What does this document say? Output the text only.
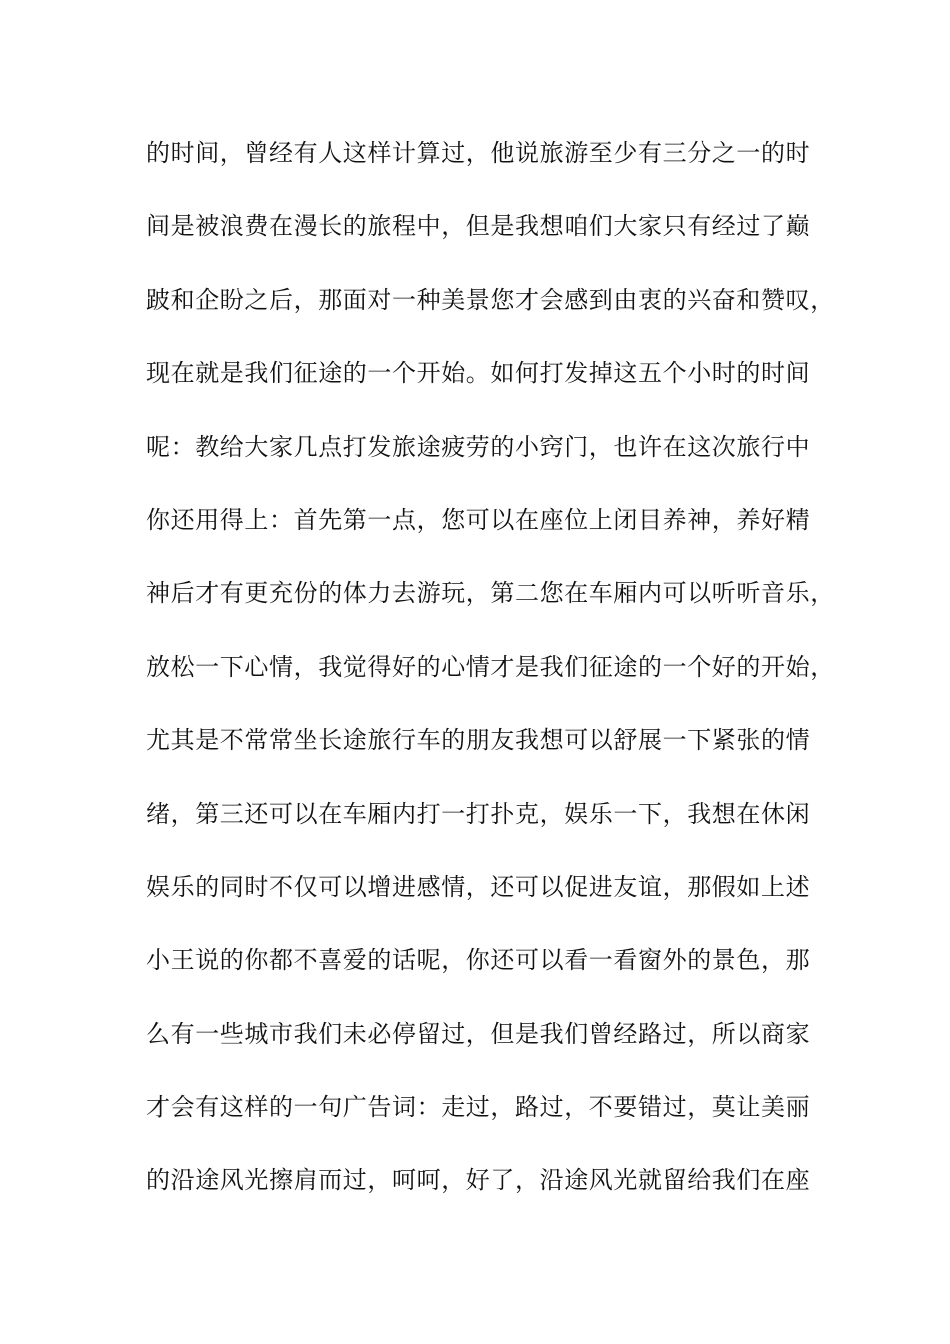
的时间，曾经有人这样计算过，他说旅游至少有三分之一的时
间是被浪费在漫长的旅程中，但是我想咱们大家只有经过了巅
跛和企盼之后，那面对一种美景您才会感到由衷的兴奋和赞叹，
现在就是我们征途的一个开始。如何打发掉这五个小时的时间
呢：教给大家几点打发旅途疲劳的小窍门，也许在这次旅行中
你还用得上：首先第一点，您可以在座位上闭目养神，养好精
神后才有更充份的体力去游玩，第二您在车厢内可以听听音乐，
放松一下心情，我觉得好的心情才是我们征途的一个好的开始，
尤其是不常常坐长途旅行车的朋友我想可以舒展一下紧张的情
绪，第三还可以在车厢内打一打扑克，娱乐一下，我想在休闲
娱乐的同时不仅可以增进感情，还可以促进友谊，那假如上述
小王说的你都不喜爱的话呢，你还可以看一看窗外的景色，那
么有一些城市我们未必停留过，但是我们曾经路过，所以商家
才会有这样的一句广告词：走过，路过，不要错过，莫让美丽
的沿途风光擦肩而过，呵呵，好了，沿途风光就留给我们在座
